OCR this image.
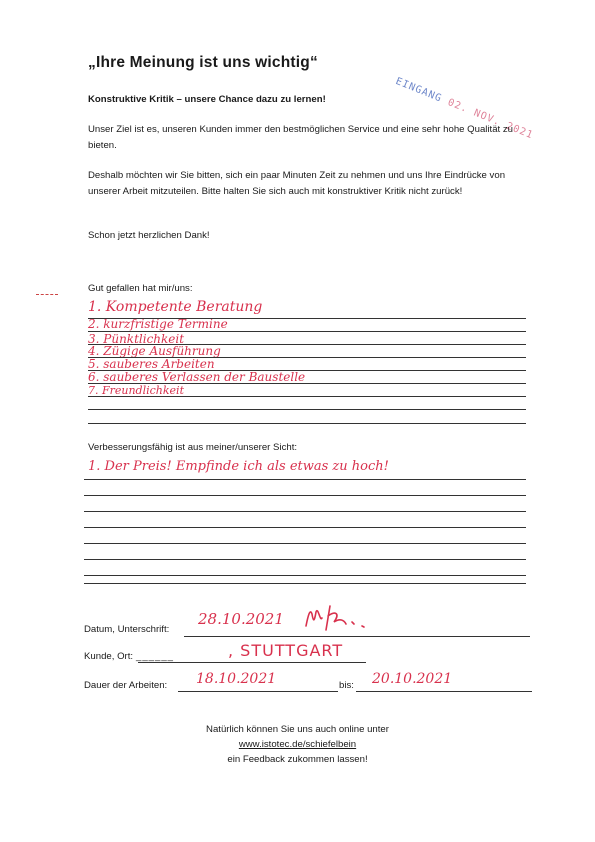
„Ihre Meinung ist uns wichtig“
EINGANG 02. NOV. 2021
Konstruktive Kritik – unsere Chance dazu zu lernen!
Unser Ziel ist es, unseren Kunden immer den bestmöglichen Service und eine sehr hohe Qualität zu bieten.
Deshalb möchten wir Sie bitten, sich ein paar Minuten Zeit zu nehmen und uns Ihre Eindrücke von unserer Arbeit mitzuteilen. Bitte halten Sie sich auch mit konstruktiver Kritik nicht zurück!
Schon jetzt herzlichen Dank!
Gut gefallen hat mir/uns:
1. Kompetente Beratung
2. kurzfristige Termine
3. Pünktlichkeit
4. Zügige Ausführung
5. sauberes Arbeiten
6. sauberes Verlassen der Baustelle
7. Freundlichkeit
Verbesserungsfähig ist aus meiner/unserer Sicht:
1. Der Preis! Empfinde ich als etwas zu hoch!
Datum, Unterschrift:
28.10.2021
Kunde, Ort: ______	, STUTTGART
Dauer der Arbeiten: 18.10.2021	bis: 20.10.2021
Natürlich können Sie uns auch online unter
www.istotec.de/schiefelbein
ein Feedback zukommen lassen!
